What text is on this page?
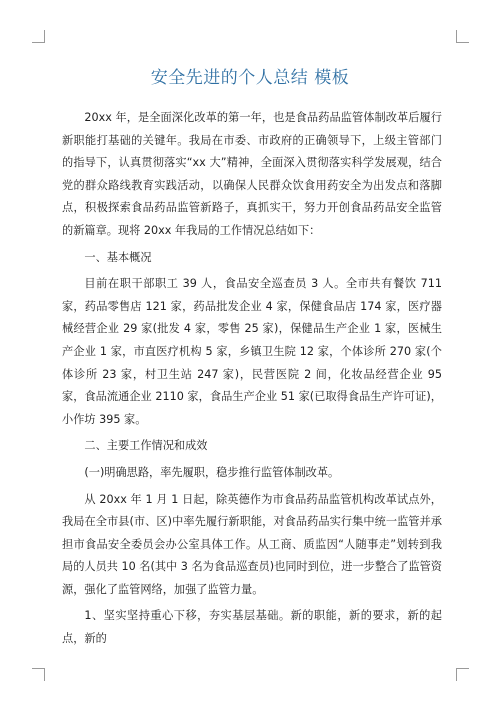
安全先进的个人总结 模板

20xx 年，是全面深化改革的第一年，也是食品药品监管体制改革后履行新职能打基础的关键年。我局在市委、市政府的正确领导下，上级主管部门的指导下，认真贯彻落实“xx 大”精神，全面深入贯彻落实科学发展观，结合党的群众路线教育实践活动，以确保人民群众饮食用药安全为出发点和落脚点，积极探索食品药品监管新路子，真抓实干，努力开创食品药品安全监管的新篇章。现将 20xx 年我局的工作情况总结如下：

一、基本概况

目前在职干部职工 39 人，食品安全巡查员 3 人。全市共有餐饮 711 家，药品零售店 121 家，药品批发企业 4 家，保健食品店 174 家，医疗器械经营企业 29 家(批发 4 家，零售 25 家)，保健品生产企业 1 家，医械生产企业 1 家，市直医疗机构 5 家，乡镇卫生院 12 家，个体诊所 270 家(个体诊所 23 家，村卫生站 247 家)，民营医院 2 间，化妆品经营企业 95 家，食品流通企业 2110 家，食品生产企业 51 家(已取得食品生产许可证)，小作坊 395 家。

二、主要工作情况和成效

(一)明确思路，率先履职，稳步推行监管体制改革。

从 20xx 年 1 月 1 日起，除英德作为市食品药品监管机构改革试点外，我局在全市县(市、区)中率先履行新职能，对食品药品实行集中统一监管并承担市食品安全委员会办公室具体工作。从工商、质监因“人随事走”划转到我局的人员共 10 名(其中 3 名为食品巡查员)也同时到位，进一步整合了监管资源，强化了监管网络，加强了监管力量。

1、坚实坚持重心下移，夯实基层基础。新的职能，新的要求，新的起点，新的
